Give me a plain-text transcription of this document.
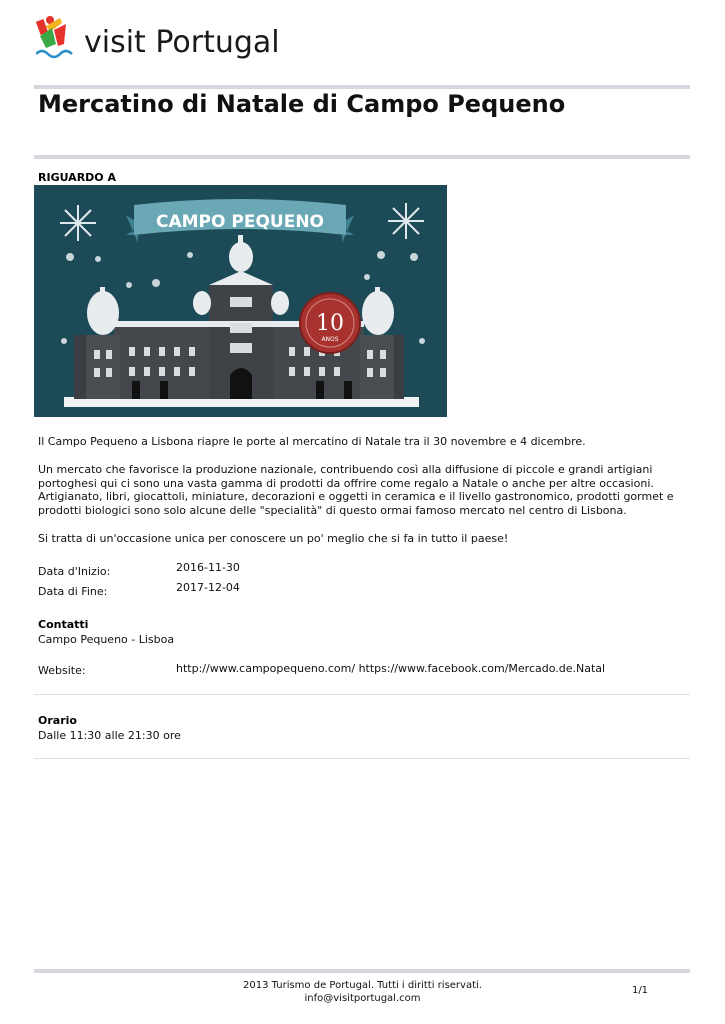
visit Portugal
Mercatino di Natale di Campo Pequeno
RIGUARDO A
CAMPO PEQUENO
10
ANOS
Il Campo Pequeno a Lisbona riapre le porte al mercatino di Natale tra il 30 novembre e 4 dicembre.
Un mercato che favorisce la produzione nazionale, contribuendo così alla diffusione di piccole e grandi artigiani portoghesi qui ci sono una vasta gamma di prodotti da offrire come regalo a Natale o anche per altre occasioni. Artigianato, libri, giocattoli, miniature, decorazioni e oggetti in ceramica e il livello gastronomico, prodotti gormet e prodotti biologici sono solo alcune delle "specialità" di questo ormai famoso mercato nel centro di Lisbona.
Si tratta di un'occasione unica per conoscere un po' meglio che si fa in tutto il paese!
Data d'Inizio:	2016-11-30
Data di Fine:	2017-12-04
Contatti
Campo Pequeno - Lisboa
Website:	http://www.campopequeno.com/ https://www.facebook.com/Mercado.de.Natal
Orario
Dalle 11:30 alle 21:30 ore
2013 Turismo de Portugal. Tutti i diritti riservati.
info@visitportugal.com
1/1
